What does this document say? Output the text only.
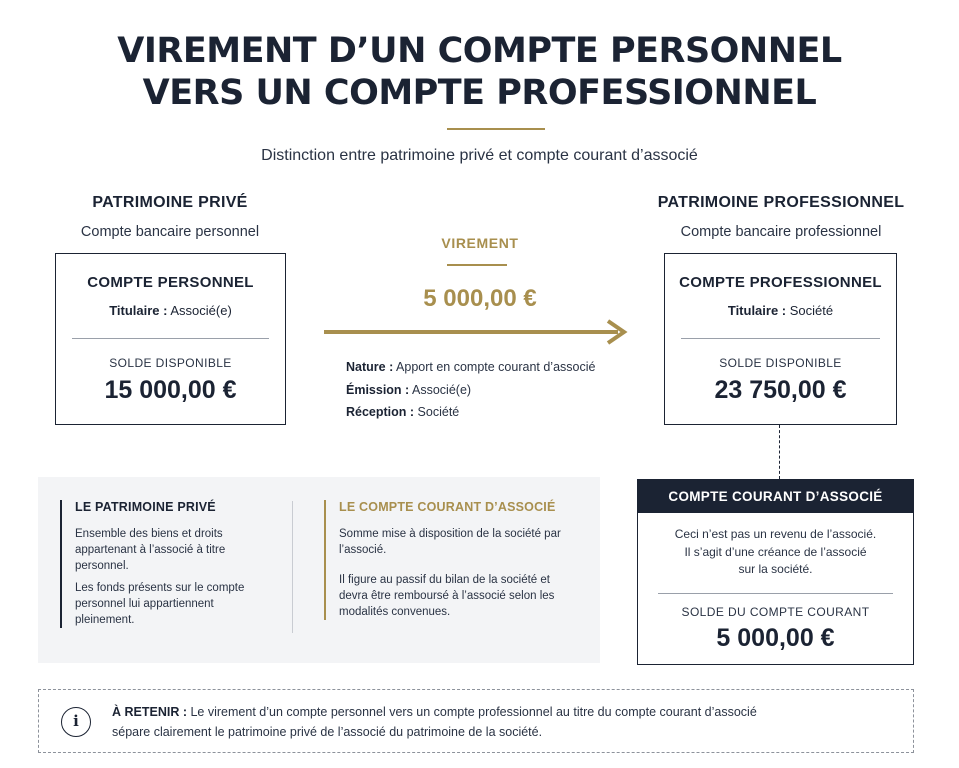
VIREMENT D’UN COMPTE PERSONNEL
VERS UN COMPTE PROFESSIONNEL
Distinction entre patrimoine privé et compte courant d’associé
PATRIMOINE PRIVÉ
Compte bancaire personnel
COMPTE PERSONNEL
Titulaire : Associé(e)
SOLDE DISPONIBLE
15 000,00 €
VIREMENT
5 000,00 €
Nature : Apport en compte courant d’associé
Émission : Associé(e)
Réception : Société
PATRIMOINE PROFESSIONNEL
Compte bancaire professionnel
COMPTE PROFESSIONNEL
Titulaire : Société
SOLDE DISPONIBLE
23 750,00 €
LE PATRIMOINE PRIVÉ
Ensemble des biens et droits appartenant à l’associé à titre personnel.
Les fonds présents sur le compte personnel lui appartiennent pleinement.
LE COMPTE COURANT D’ASSOCIÉ
Somme mise à disposition de la société par l’associé.
Il figure au passif du bilan de la société et devra être remboursé à l’associé selon les modalités convenues.
COMPTE COURANT D’ASSOCIÉ
Ceci n’est pas un revenu de l’associé.
Il s’agit d’une créance de l’associé
sur la société.
SOLDE DU COMPTE COURANT
5 000,00 €
i	À RETENIR : Le virement d’un compte personnel vers un compte professionnel au titre du compte courant d’associé
sépare clairement le patrimoine privé de l’associé du patrimoine de la société.
